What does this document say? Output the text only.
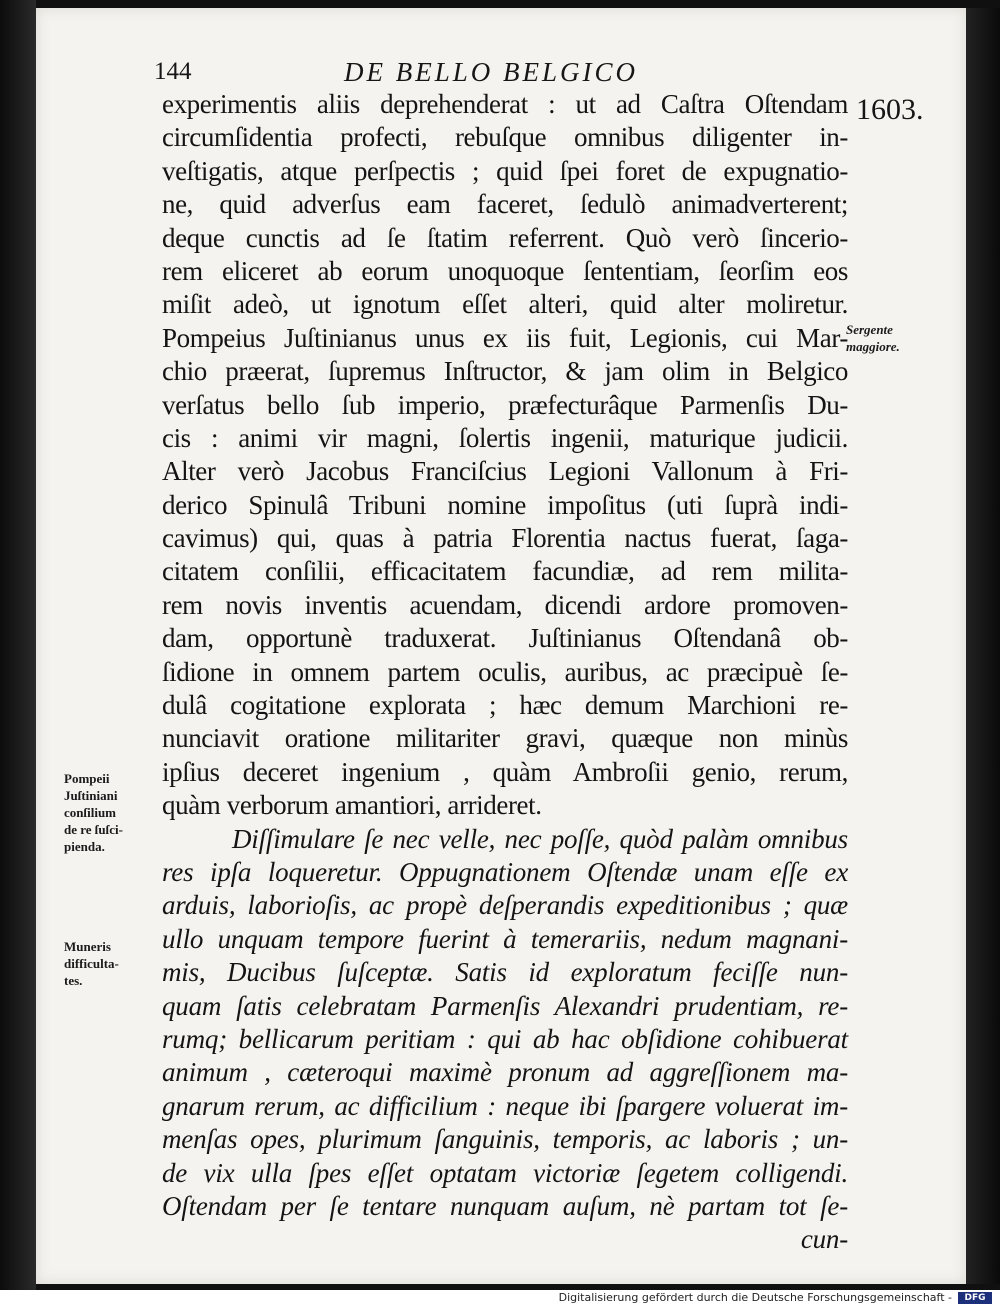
144	DE BELLO BELGICO
experimentis aliis deprehenderat : ut ad Caſtra Oſtendam
circumſidentia profecti, rebuſque omnibus diligenter in-
veſtigatis, atque perſpectis ; quid ſpei foret de expugnatio-
ne, quid adverſus eam faceret, ſedulò animadverterent;
deque cunctis ad ſe ſtatim referrent. Quò verò ſincerio-
rem eliceret ab eorum unoquoque ſententiam, ſeorſim eos
miſit adeò, ut ignotum eſſet alteri, quid alter moliretur.
Pompeius Juſtinianus unus ex iis fuit, Legionis, cui Mar-
chio præerat, ſupremus Inſtructor, & jam olim in Belgico
verſatus bello ſub imperio, præfecturâque Parmenſis Du-
cis : animi vir magni, ſolertis ingenii, maturique judicii.
Alter verò Jacobus Franciſcius Legioni Vallonum à Fri-
derico Spinulâ Tribuni nomine impoſitus (uti ſuprà indi-
cavimus) qui, quas à patria Florentia nactus fuerat, ſaga-
citatem conſilii, efficacitatem facundiæ, ad rem milita-
rem novis inventis acuendam, dicendi ardore promoven-
dam, opportunè traduxerat. Juſtinianus Oſtendanâ ob-
ſidione in omnem partem oculis, auribus, ac præcipuè ſe-
dulâ cogitatione explorata ; hæc demum Marchioni re-
nunciavit oratione militariter gravi, quæque non minùs
ipſius deceret ingenium , quàm Ambroſii genio, rerum,
quàm verborum amantiori, arrideret.
Diſſimulare ſe nec velle, nec poſſe, quòd palàm omnibus
res ipſa loqueretur. Oppugnationem Oſtendæ unam eſſe ex
arduis, laborioſis, ac propè deſperandis expeditionibus ; quæ
ullo unquam tempore fuerint à temerariis, nedum magnani-
mis, Ducibus ſuſceptæ. Satis id exploratum feciſſe nun-
quam ſatis celebratam Parmenſis Alexandri prudentiam, re-
rumq; bellicarum peritiam : qui ab hac obſidione cohibuerat
animum , cæteroqui maximè pronum ad aggreſſionem ma-
gnarum rerum, ac difficilium : neque ibi ſpargere voluerat im-
menſas opes, plurimum ſanguinis, temporis, ac laboris ; un-
de vix ulla ſpes eſſet optatam victoriæ ſegetem colligendi.
Oſtendam per ſe tentare nunquam auſum, nè partam tot ſe-
cun-
1603.
Sergente
maggiore.
Pompeii
Juſtiniani
conſilium
de re ſuſci-
pienda.
Muneris
difficulta-
tes.
Digitalisierung gefördert durch die Deutsche Forschungsgemeinschaft -	DFG
